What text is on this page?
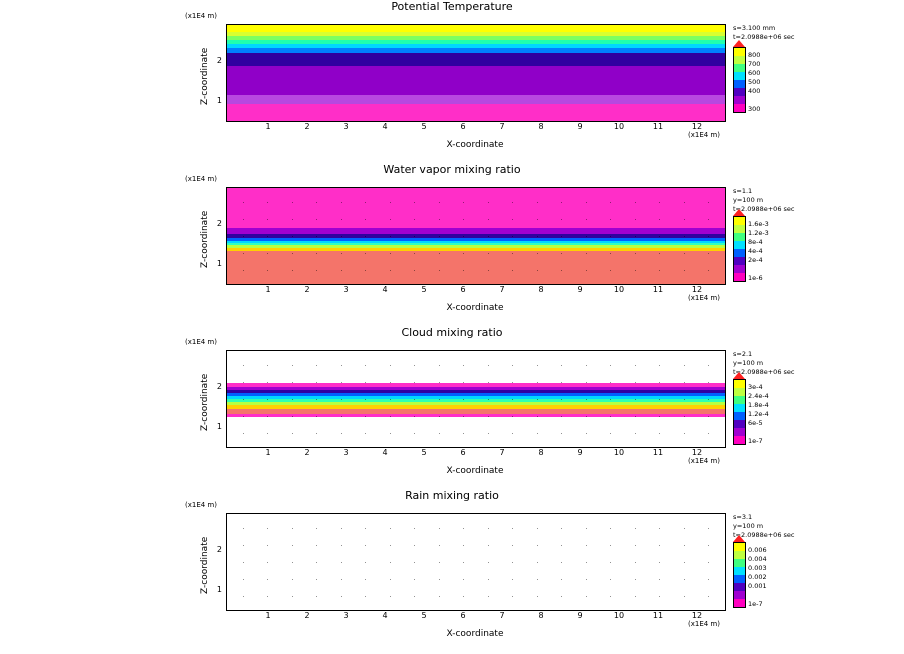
Potential Temperature
(x1E4 m)
Z-coordinate 2
1
1	2	3	4	5	6	7	8	9	10	11	12
(x1E4 m)
X-coordinate
s=3.100 mm
t=2.0988e+06 sec
800
700
600
500
400
300
Water vapor mixing ratio
(x1E4 m)
Z-coordinate 2
1
1	2	3	4	5	6	7	8	9	10	11	12
(x1E4 m)
X-coordinate
s=1.1
y=100 m
t=2.0988e+06 sec
1.6e-3
1.2e-3
8e-4
4e-4
2e-4
1e-6
Cloud mixing ratio
(x1E4 m)
Z-coordinate 2
1
1	2	3	4	5	6	7	8	9	10	11	12
(x1E4 m)
X-coordinate
s=2.1
y=100 m
t=2.0988e+06 sec
3e-4
2.4e-4
1.8e-4
1.2e-4
6e-5
1e-7
Rain mixing ratio
(x1E4 m)
Z-coordinate 2
1
1	2	3	4	5	6	7	8	9	10	11	12
(x1E4 m)
X-coordinate
s=3.1
y=100 m
t=2.0988e+06 sec
0.006
0.004
0.003
0.002
0.001
1e-7
